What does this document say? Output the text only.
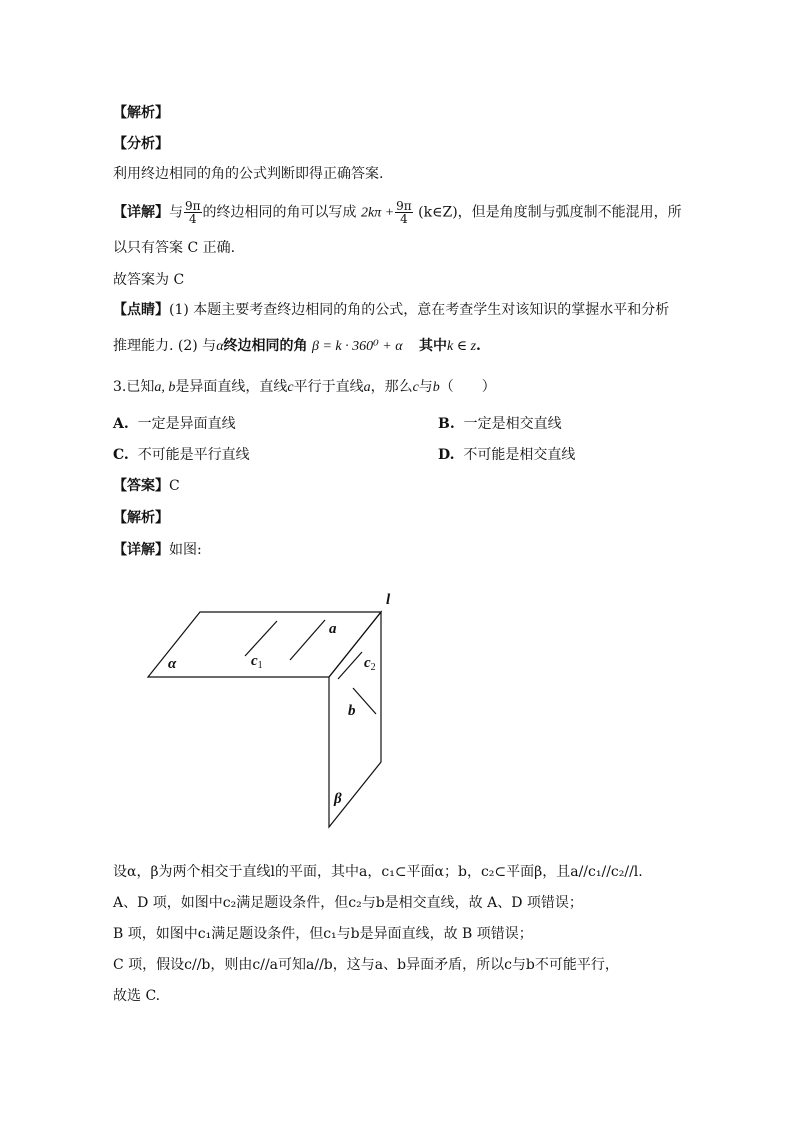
【解析】
【分析】
利用终边相同的角的公式判断即得正确答案.
【详解】与 $\frac{9\pi}{4}$ 的终边相同的角可以写成 $2k\pi + \frac{9\pi}{4}$ (k∈Z)，但是角度制与弧度制不能混用，所
以只有答案 C 正确.
故答案为 C
【点睛】(1) 本题主要考查终边相同的角的公式，意在考查学生对该知识的掌握水平和分析
推理能力. (2) 与α终边相同的角 β = k · 360⁰ + α 其中k ∈ z.
3.已知a, b是异面直线，直线c平行于直线a，那么c与b（　　）
A. 一定是异面直线	B. 一定是相交直线
C. 不可能是平行直线	D. 不可能是相交直线
【答案】C
【解析】
【详解】如图:
l
a
α
b
β
$c_1$	$c_2$
设α，β为两个相交于直线l的平面，其中a，c₁⊂平面α；b，c₂⊂平面β，且a//c₁//c₂//l.
A、D 项，如图中c₂满足题设条件，但c₂与b是相交直线，故 A、D 项错误；
B 项，如图中c₁满足题设条件，但c₁与b是异面直线，故 B 项错误；
C 项，假设c//b，则由c//a可知a//b，这与a、b异面矛盾，所以c与b不可能平行，
故选 C.
